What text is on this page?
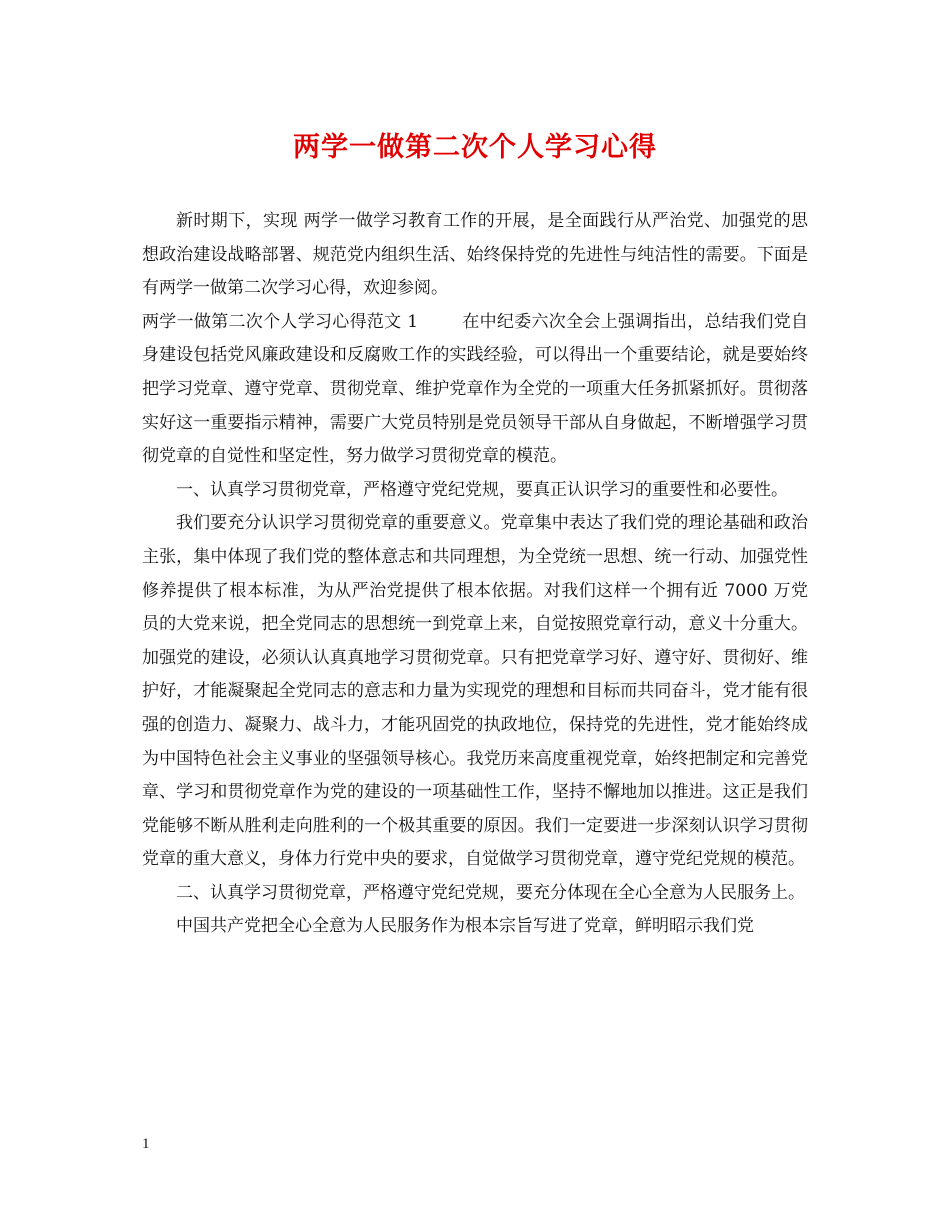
两学一做第二次个人学习心得

新时期下，实现 两学一做学习教育工作的开展，是全面践行从严治党、加强党的思想政治建设战略部署、规范党内组织生活、始终保持党的先进性与纯洁性的需要。下面是有两学一做第二次学习心得，欢迎参阅。

两学一做第二次个人学习心得范文 1	在中纪委六次全会上强调指出，总结我们党自身建设包括党风廉政建设和反腐败工作的实践经验，可以得出一个重要结论，就是要始终把学习党章、遵守党章、贯彻党章、维护党章作为全党的一项重大任务抓紧抓好。贯彻落实好这一重要指示精神，需要广大党员特别是党员领导干部从自身做起，不断增强学习贯彻党章的自觉性和坚定性，努力做学习贯彻党章的模范。

一、认真学习贯彻党章，严格遵守党纪党规，要真正认识学习的重要性和必要性。

我们要充分认识学习贯彻党章的重要意义。党章集中表达了我们党的理论基础和政治主张，集中体现了我们党的整体意志和共同理想，为全党统一思想、统一行动、加强党性修养提供了根本标准，为从严治党提供了根本依据。对我们这样一个拥有近 7000 万党员的大党来说，把全党同志的思想统一到党章上来，自觉按照党章行动，意义十分重大。加强党的建设，必须认认真真地学习贯彻党章。只有把党章学习好、遵守好、贯彻好、维护好，才能凝聚起全党同志的意志和力量为实现党的理想和目标而共同奋斗，党才能有很强的创造力、凝聚力、战斗力，才能巩固党的执政地位，保持党的先进性，党才能始终成为中国特色社会主义事业的坚强领导核心。我党历来高度重视党章，始终把制定和完善党章、学习和贯彻党章作为党的建设的一项基础性工作，坚持不懈地加以推进。这正是我们党能够不断从胜利走向胜利的一个极其重要的原因。我们一定要进一步深刻认识学习贯彻党章的重大意义，身体力行党中央的要求，自觉做学习贯彻党章，遵守党纪党规的模范。

二、认真学习贯彻党章，严格遵守党纪党规，要充分体现在全心全意为人民服务上。

中国共产党把全心全意为人民服务作为根本宗旨写进了党章，鲜明昭示我们党

1
